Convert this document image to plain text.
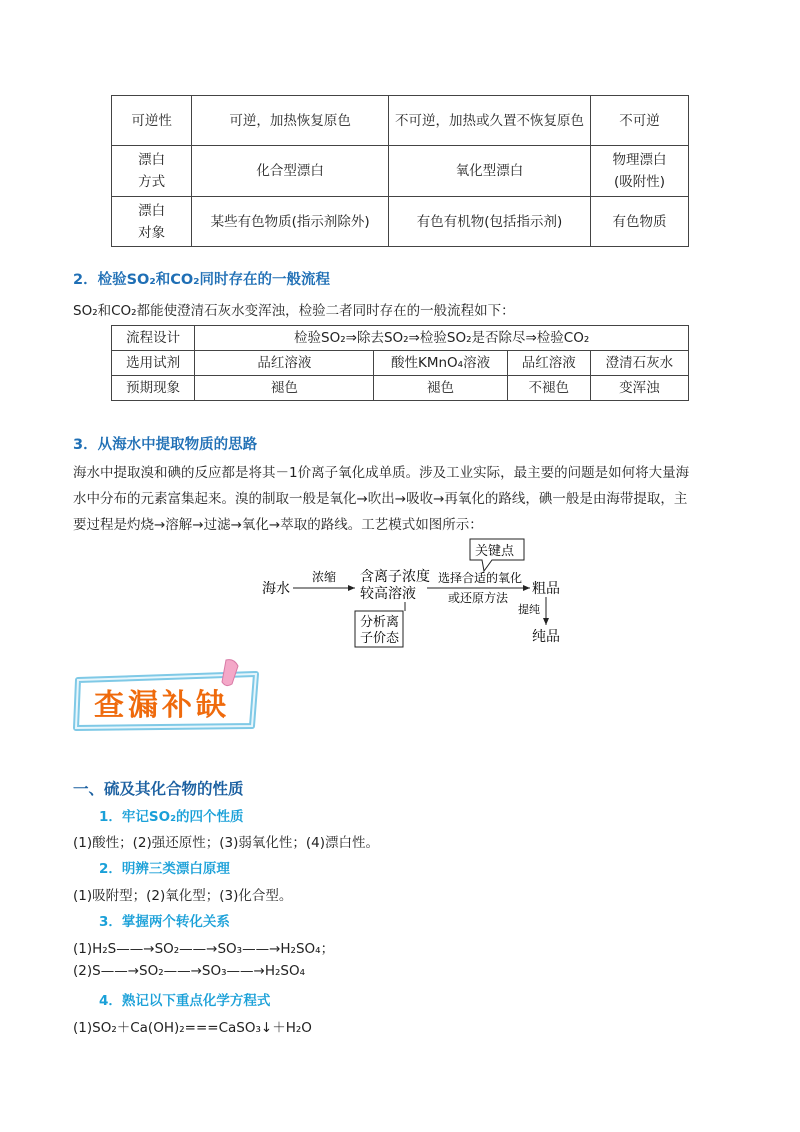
可逆性	可逆，加热恢复原色	不可逆，加热或久置不恢复原色	不可逆
漂白方式	化合型漂白	氧化型漂白	物理漂白(吸附性)
漂白对象	某些有色物质(指示剂除外)	有色有机物(包括指示剂)	有色物质
2．检验SO₂和CO₂同时存在的一般流程
SO₂和CO₂都能使澄清石灰水变浑浊，检验二者同时存在的一般流程如下：
流程设计	检验SO₂⇒除去SO₂⇒检验SO₂是否除尽⇒检验CO₂			
选用试剂	品红溶液	酸性KMnO₄溶液	品红溶液	澄清石灰水
预期现象	褪色	褪色	不褪色	变浑浊
3．从海水中提取物质的思路
海水中提取溴和碘的反应都是将其－1价离子氧化成单质。涉及工业实际，最主要的问题是如何将大量海
水中分布的元素富集起来。溴的制取一般是氧化→吹出→吸收→再氧化的路线，碘一般是由海带提取，主
要过程是灼烧→溶解→过滤→氧化→萃取的路线。工艺模式如图所示：
海水
浓缩 含离子浓度
较高溶液
分析离
子价态
关键点
选择合适的氧化
或还原方法
粗品
提纯
纯品
查漏补缺
一、硫及其化合物的性质
1．牢记SO₂的四个性质
(1)酸性；(2)强还原性；(3)弱氧化性；(4)漂白性。
2．明辨三类漂白原理
(1)吸附型；(2)氧化型；(3)化合型。
3．掌握两个转化关系
(1)H₂S——→SO₂——→SO₃——→H₂SO₄；
(2)S——→SO₂——→SO₃——→H₂SO₄
4．熟记以下重点化学方程式
(1)SO₂＋Ca(OH)₂===CaSO₃↓＋H₂O
